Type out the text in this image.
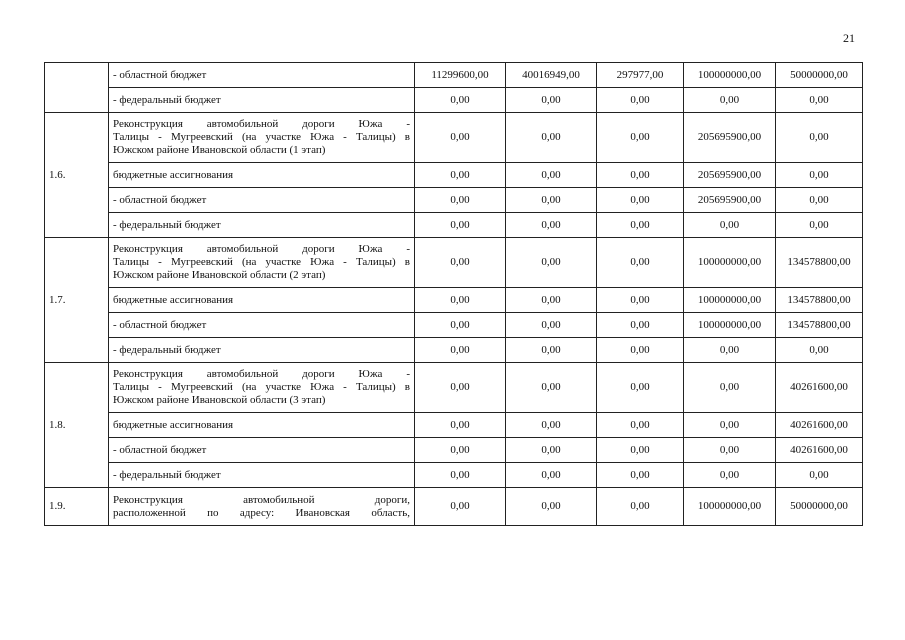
21
	- областной бюджет	11299600,00	40016949,00	297977,00	100000000,00	50000000,00
	- федеральный бюджет	0,00	0,00	0,00	0,00	0,00
1.6.	Реконструкция автомобильной дороги Южа -
Талицы - Мугреевский (на участке Южа - Талицы) в
Южском районе Ивановской области (1 этап)	0,00	0,00	0,00	205695900,00	0,00
	бюджетные ассигнования	0,00	0,00	0,00	205695900,00	0,00
	- областной бюджет	0,00	0,00	0,00	205695900,00	0,00
	- федеральный бюджет	0,00	0,00	0,00	0,00	0,00
1.7.	Реконструкция автомобильной дороги Южа -
Талицы - Мугреевский (на участке Южа - Талицы) в
Южском районе Ивановской области (2 этап)	0,00	0,00	0,00	100000000,00	134578800,00
	бюджетные ассигнования	0,00	0,00	0,00	100000000,00	134578800,00
	- областной бюджет	0,00	0,00	0,00	100000000,00	134578800,00
	- федеральный бюджет	0,00	0,00	0,00	0,00	0,00
1.8.	Реконструкция автомобильной дороги Южа -
Талицы - Мугреевский (на участке Южа - Талицы) в
Южском районе Ивановской области (3 этап)	0,00	0,00	0,00	0,00	40261600,00
	бюджетные ассигнования	0,00	0,00	0,00	0,00	40261600,00
	- областной бюджет	0,00	0,00	0,00	0,00	40261600,00
	- федеральный бюджет	0,00	0,00	0,00	0,00	0,00
1.9.	Реконструкция автомобильной дороги,
расположенной по адресу: Ивановская область,	0,00	0,00	0,00	100000000,00	50000000,00
